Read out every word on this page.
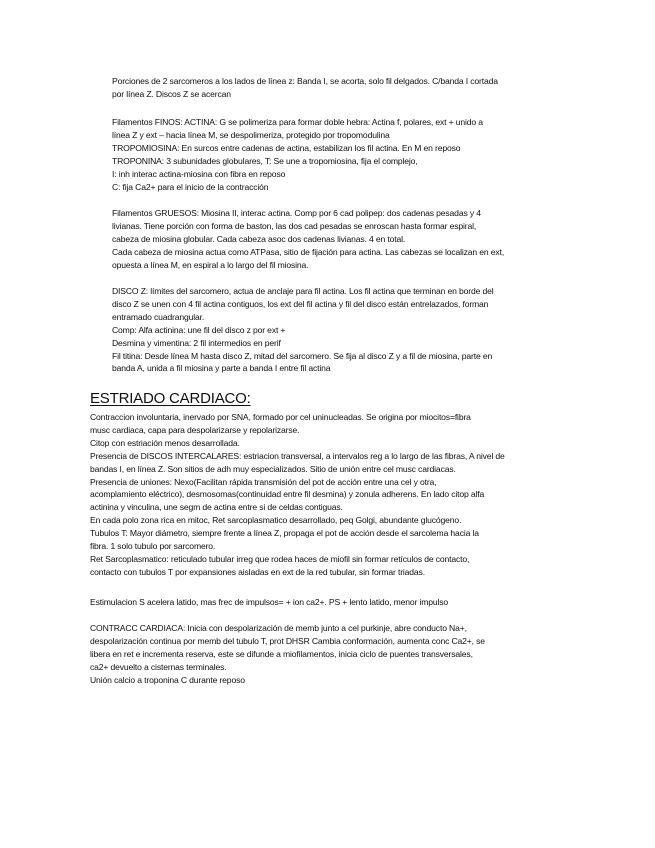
Porciones de 2 sarcomeros a los lados de línea z: Banda I, se acorta, solo fil delgados. C/banda I cortada
por línea Z. Discos Z se acercan
Filamentos FINOS: ACTINA: G se polimeriza para formar doble hebra: Actina f, polares, ext + unido a
línea Z y ext – hacia línea M, se despolimeriza, protegido por tropomodulina
TROPOMIOSINA: En surcos entre cadenas de actina, estabilizan los fil actina. En M en reposo
TROPONINA: 3 subunidades globulares, T: Se une a tropomiosina, fija el complejo,
I: inh interac actina-miosina con fibra en reposo
C: fija Ca2+ para el inicio de la contracción
Filamentos GRUESOS: Miosina II, interac actina. Comp por 6 cad polipep: dos cadenas pesadas y 4
livianas. Tiene porción con forma de baston, las dos cad pesadas se enroscan hasta formar espiral,
cabeza de miosina globular. Cada cabeza asoc dos cadenas livianas. 4 en total.
Cada cabeza de miosina actua como ATPasa, sitio de fijación para actina. Las cabezas se localizan en ext,
opuesta a línea M, en espiral a lo largo del fil miosina.
DISCO Z: límites del sarcomero, actua de anclaje para fil actina. Los fil actina que terminan en borde del
disco Z se unen con 4 fil actina contiguos, los ext del fil actina y fil del disco están entrelazados, forman
entramado cuadrangular.
Comp: Alfa actinina: une fil del disco z por ext +
Desmina y vimentina: 2 fil intermedios en perif
Fil titina: Desde línea M hasta disco Z, mitad del sarcomero. Se fija al disco Z y a fil de miosina, parte en
banda A, unida a fil miosina y parte a banda I entre fil actina
ESTRIADO CARDIACO:
Contraccion involuntaria, inervado por SNA, formado por cel uninucleadas. Se origina por miocitos=fibra
musc cardiaca, capa para despolarizarse y repolarizarse.
Citop con estriación menos desarrollada.
Presencia de DISCOS INTERCALARES: estriacion transversal, a intervalos reg a lo largo de las fibras, A nivel de
bandas I, en línea Z. Son sitios de adh muy especializados. Sitio de unión entre cel musc cardiacas.
Presencia de uniones: Nexo(Facilitan rápida transmisión del pot de acción entre una cel y otra,
acomplamiento eléctrico), desmosomas(continuidad entre fil desmina) y zonula adherens. En lado citop alfa
actinina y vinculina, une segm de actina entre si de celdas contiguas.
En cada polo zona rica en mitoc, Ret sarcoplasmatico desarrollado, peq Golgi, abundante glucógeno.
Tubulos T: Mayor diámetro, siempre frente a línea Z, propaga el pot de acción desde el sarcolema hacia la
fibra. 1 solo tubulo por sarcomero.
Ret Sarcoplasmatico: reticulado tubular irreg que rodea haces de miofil sin formar retículos de contacto,
contacto con tubulos T por expansiones aisladas en ext de la red tubular, sin formar triadas.
Estimulacion S acelera latido, mas frec de impulsos= + ion ca2+. PS + lento latido, menor impulso
CONTRACC CARDIACA: Inicia con despolarización de memb junto a cel purkinje, abre conducto Na+,
despolarización continua por memb del tubulo T, prot DHSR Cambia conformación, aumenta conc Ca2+, se
libera en ret e incrementa reserva, este se difunde a miofilamentos, inicia ciclo de puentes transversales,
ca2+ devuelto a cisternas terminales.
Unión calcio a troponina C durante reposo
